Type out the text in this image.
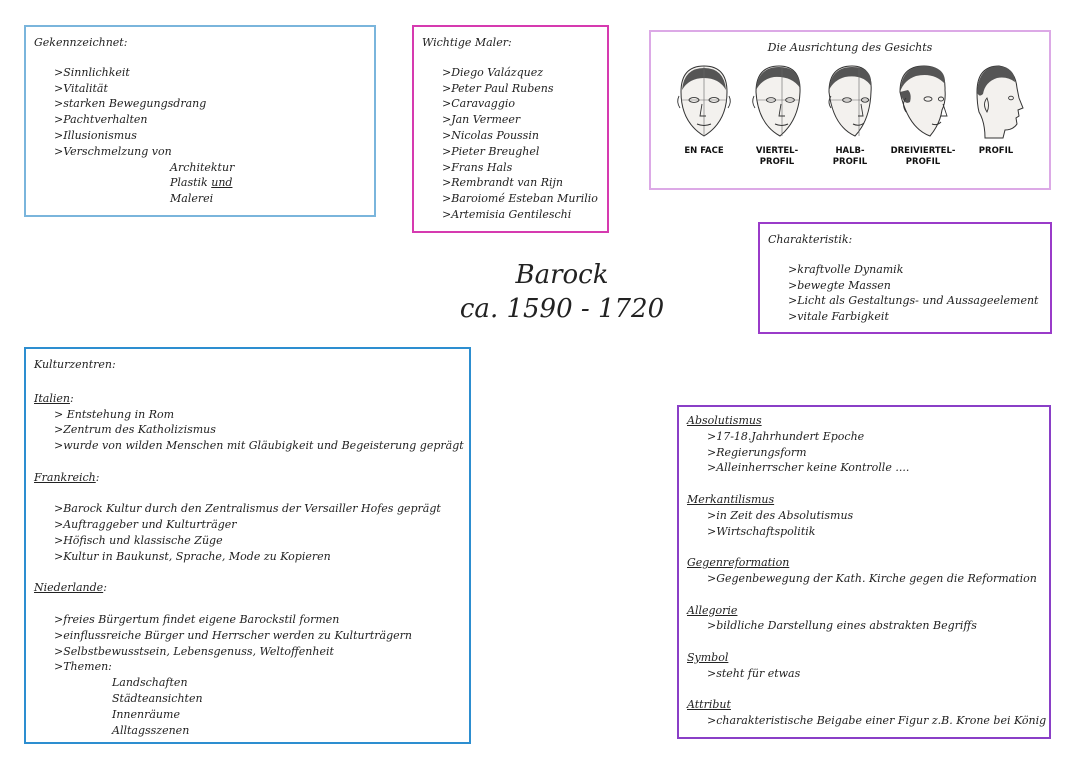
Barock
ca. 1590 - 1720
Gekennzeichnet:
>Sinnlichkeit
>Vitalität
>starken Bewegungsdrang
>Pachtverhalten
>Illusionismus
>Verschmelzung von
Architektur
Plastik und
Malerei
Wichtige Maler:
>Diego Valázquez
>Peter Paul Rubens
>Caravaggio
>Jan Vermeer
>Nicolas Poussin
>Pieter Breughel
>Frans Hals
>Rembrandt van Rijn
>Baroiomé Esteban Murilio
>Artemisia Gentileschi
Die Ausrichtung des Gesichts
EN FACE	VIERTEL-
PROFIL
HALB-
PROFIL
DREIVIERTEL-
PROFIL
PROFIL
Charakteristik:
>kraftvolle Dynamik
>bewegte Massen
>Licht als Gestaltungs- und Aussageelement
>vitale Farbigkeit
Kulturzentren:
Italien:
> Entstehung in Rom
>Zentrum des Katholizismus
>wurde von wilden Menschen mit Gläubigkeit und Begeisterung geprägt
Frankreich:
>Barock Kultur durch den Zentralismus der Versailler Hofes geprägt
>Auftraggeber und Kulturträger
>Höfisch und klassische Züge
>Kultur in Baukunst, Sprache, Mode zu Kopieren
Niederlande:
>freies Bürgertum findet eigene Barockstil formen
>einflussreiche Bürger und Herrscher werden zu Kulturträgern
>Selbstbewusstsein, Lebensgenuss, Weltoffenheit
>Themen:
Landschaften
Städteansichten
Innenräume
Alltagsszenen
Absolutismus
>17-18.Jahrhundert Epoche
>Regierungsform
>Alleinherrscher keine Kontrolle ....
Merkantilismus
>in Zeit des Absolutismus
>Wirtschaftspolitik
Gegenreformation
>Gegenbewegung der Kath. Kirche gegen die Reformation
Allegorie
>bildliche Darstellung eines abstrakten Begriffs
Symbol
>steht für etwas
Attribut
>charakteristische Beigabe einer Figur z.B. Krone bei König
